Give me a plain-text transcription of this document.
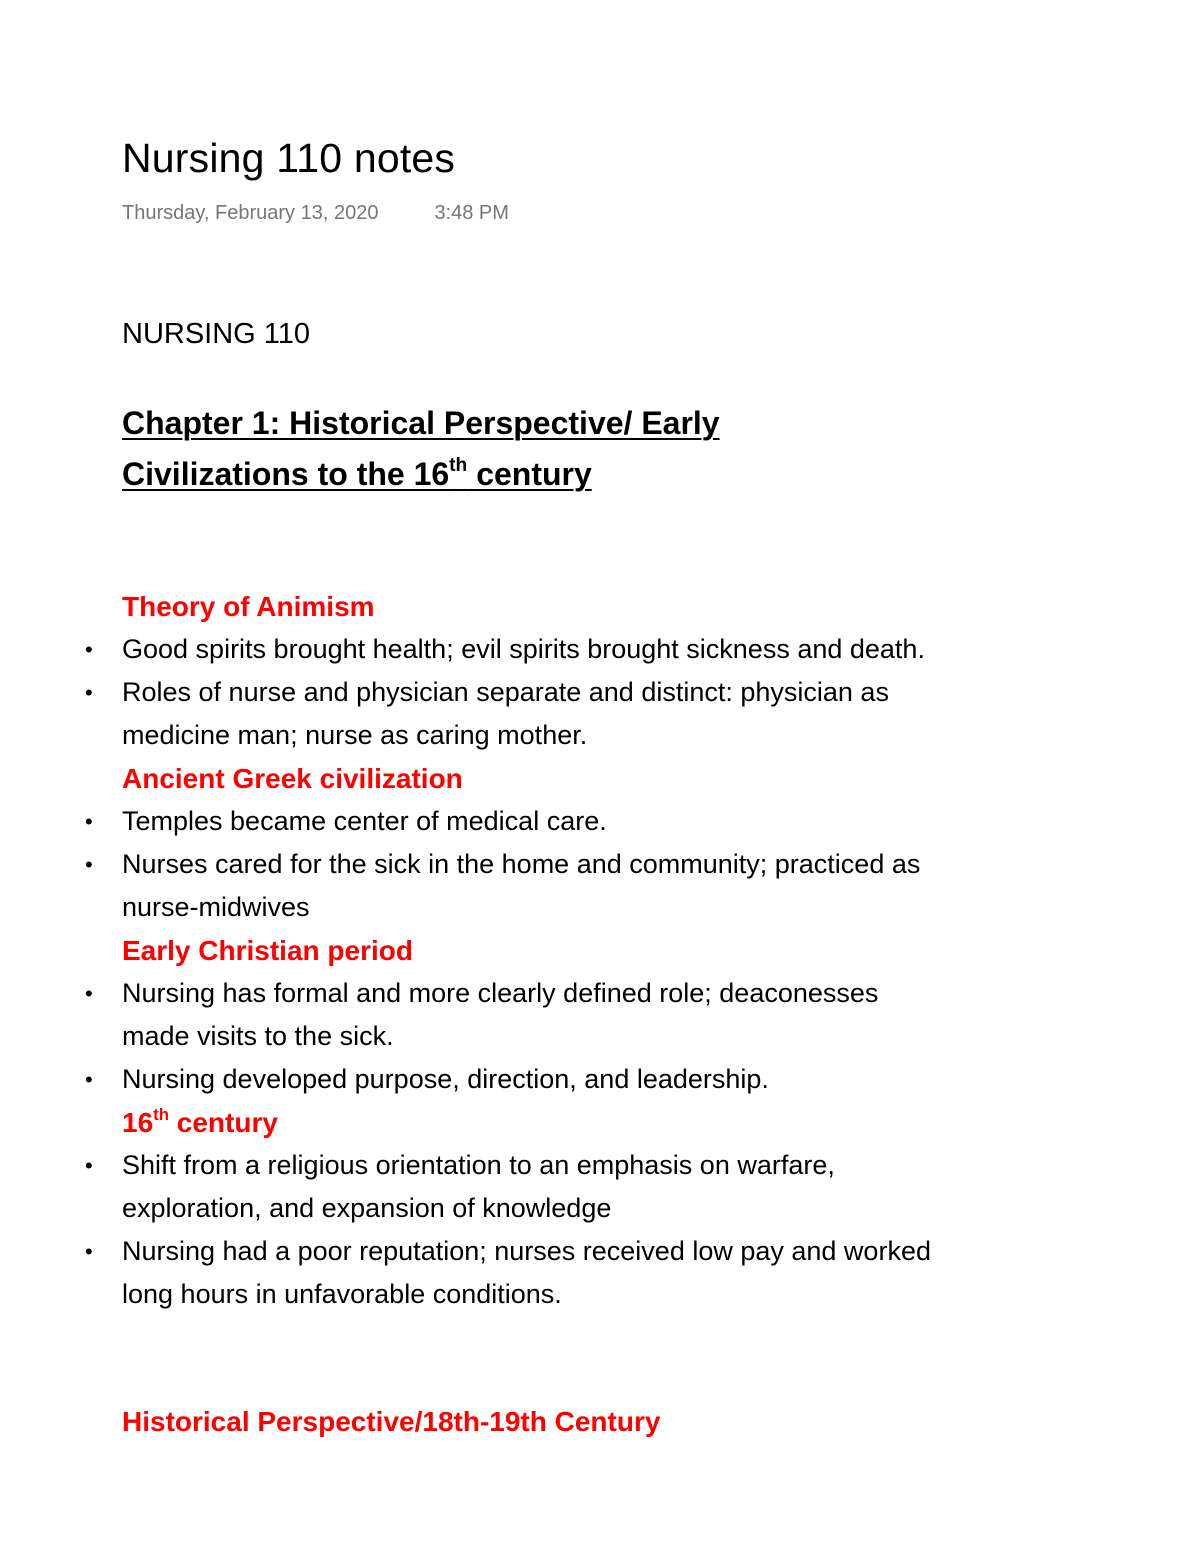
Nursing 110 notes
Thursday, February 13, 2020	3:48 PM
NURSING 110
Chapter 1: Historical Perspective/ Early
Civilizations to the 16th century
Theory of Animism
• Good spirits brought health; evil spirits brought sickness and death.
• Roles of nurse and physician separate and distinct: physician as medicine man; nurse as caring mother.
Ancient Greek civilization
• Temples became center of medical care.
• Nurses cared for the sick in the home and community; practiced as nurse-midwives
Early Christian period
• Nursing has formal and more clearly defined role; deaconesses made visits to the sick.
• Nursing developed purpose, direction, and leadership.
16th century
• Shift from a religious orientation to an emphasis on warfare, exploration, and expansion of knowledge
• Nursing had a poor reputation; nurses received low pay and worked long hours in unfavorable conditions.
Historical Perspective/18th-19th Century
